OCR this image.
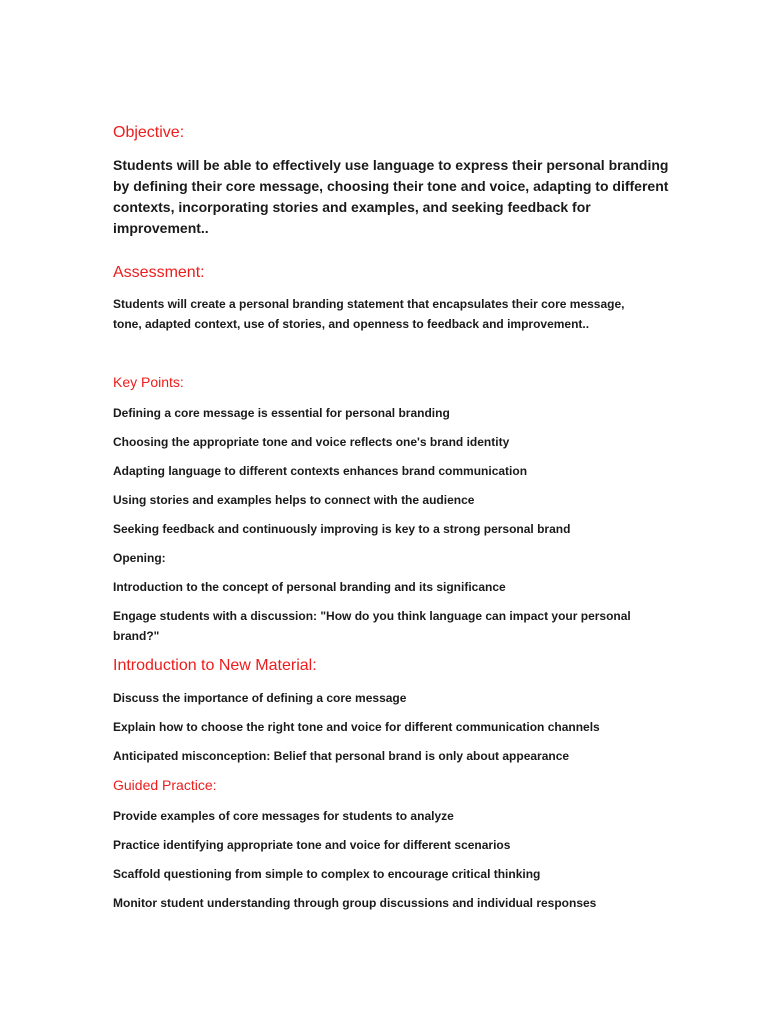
Objective:

Students will be able to effectively use language to express their personal branding by defining their core message, choosing their tone and voice, adapting to different contexts, incorporating stories and examples, and seeking feedback for improvement..

Assessment:

Students will create a personal branding statement that encapsulates their core message, tone, adapted context, use of stories, and openness to feedback and improvement..

Key Points:

Defining a core message is essential for personal branding

Choosing the appropriate tone and voice reflects one's brand identity

Adapting language to different contexts enhances brand communication

Using stories and examples helps to connect with the audience

Seeking feedback and continuously improving is key to a strong personal brand

Opening:

Introduction to the concept of personal branding and its significance

Engage students with a discussion: "How do you think language can impact your personal brand?"

Introduction to New Material:

Discuss the importance of defining a core message

Explain how to choose the right tone and voice for different communication channels

Anticipated misconception: Belief that personal brand is only about appearance

Guided Practice:

Provide examples of core messages for students to analyze

Practice identifying appropriate tone and voice for different scenarios

Scaffold questioning from simple to complex to encourage critical thinking

Monitor student understanding through group discussions and individual responses
